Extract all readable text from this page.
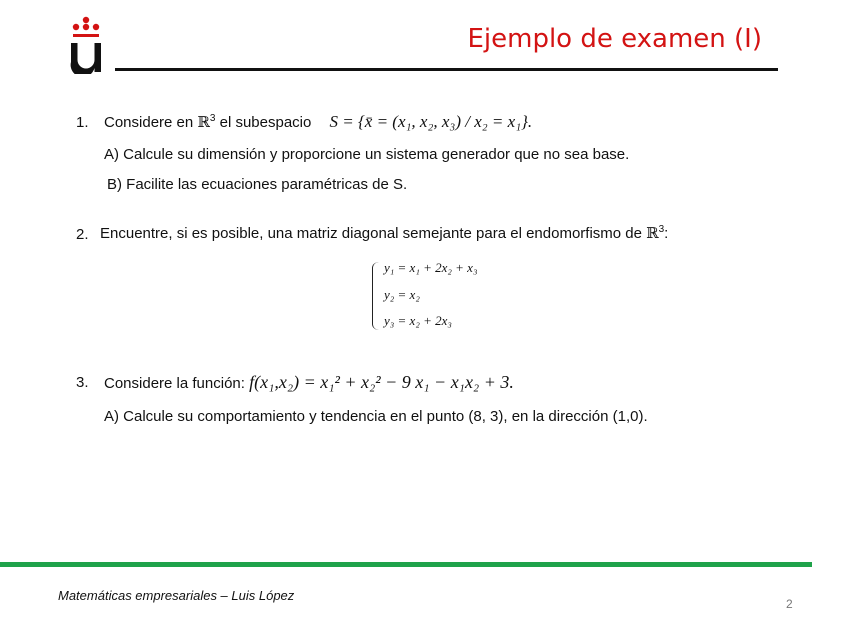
Ejemplo de examen (I)
1. Considere en ℝ$^3$ el subespacio S = {x̄ = (x₁, x₂, x₃) / x₂ = x₁}.
A) Calcule su dimensión y proporcione un sistema generador que no sea base.
B) Facilite las ecuaciones paramétricas de S.
2. Encuentre, si es posible, una matriz diagonal semejante para el endomorfismo de ℝ$^3$:
y₁ = x₁ + 2x₂ + x₃
y₂ = x₂
y₃ = x₂ + 2x₃
3. Considere la función: f(x₁,x₂) = x₁² + x₂² − 9 x₁ − x₁x₂ + 3.
A) Calcule su comportamiento y tendencia en el punto (8, 3), en la dirección (1,0).
Matemáticas empresariales – Luis López
2
